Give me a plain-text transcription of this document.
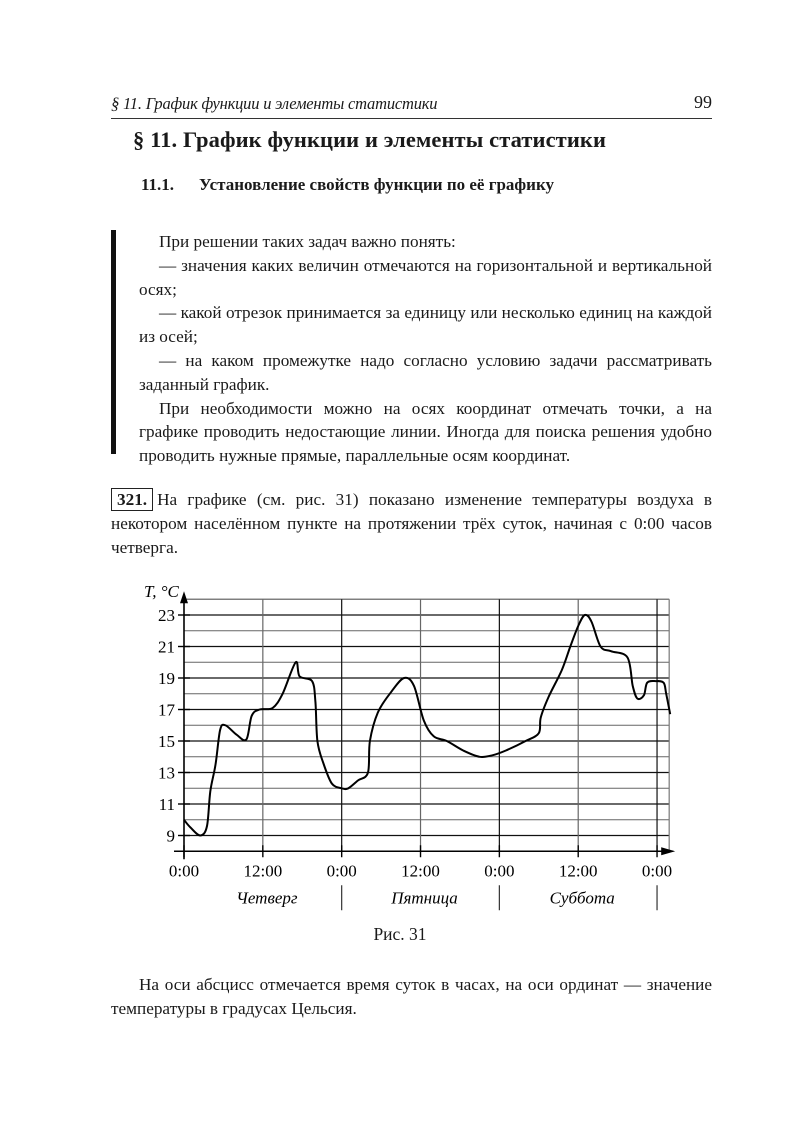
§ 11. График функции и элементы статистики	99
§ 11. График функции и элементы статистики
11.1. Установление свойств функции по её графику

При решении таких задач важно понять:

— значения каких величин отмечаются на горизонтальной и вертикальной осях;

— какой отрезок принимается за единицу или несколько единиц на каждой из осей;

— на каком промежутке надо согласно условию задачи рассматривать заданный график.

При необходимости можно на осях координат отмечать точки, а на графике проводить недостающие линии. Иногда для поиска решения удобно проводить нужные прямые, параллельные осям координат.

321. На графике (см. рис. 31) показано изменение температуры воздуха в некотором населённом пункте на протяжении трёх суток, начиная с 0:00 часов четверга.
9
11
13
15
17
19
21
23
T, °C
0:00	12:00	0:00	12:00	0:00	12:00	0:00
Четверг	Пятница	Суббота
Рис. 31

На оси абсцисс отмечается время суток в часах, на оси ординат — значение температуры в градусах Цельсия.
